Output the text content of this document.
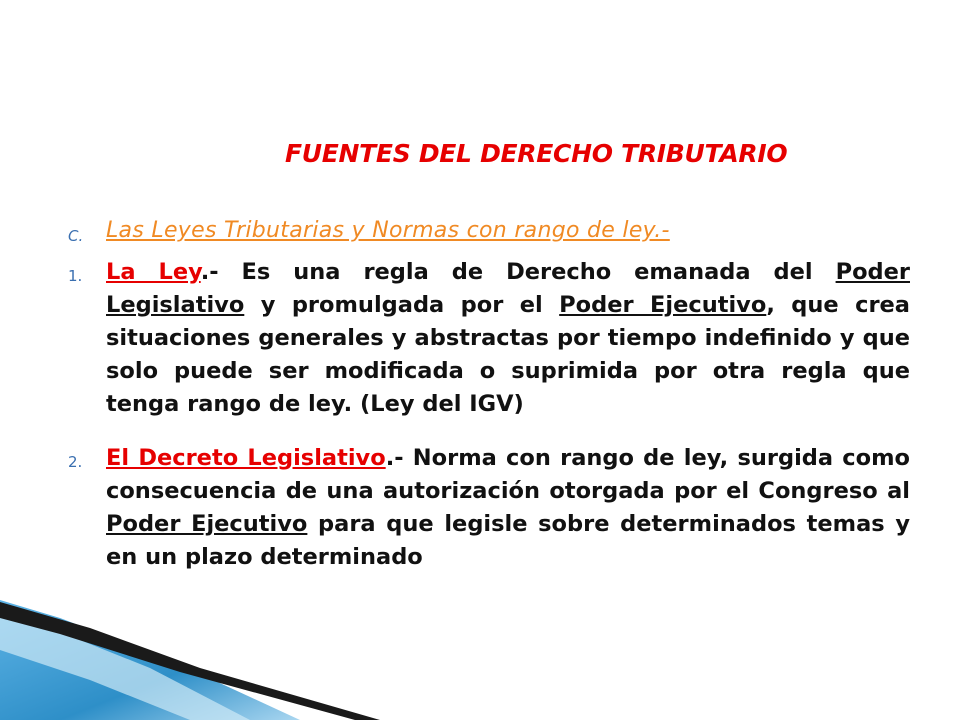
FUENTES DEL DERECHO TRIBUTARIO
C.	Las Leyes Tributarias y Normas con rango de ley.-
1.	La Ley.- Es una regla de Derecho emanada del Poder Legislativo y promulgada por el Poder Ejecutivo, que crea situaciones generales y abstractas por tiempo indefinido y que solo puede ser modificada o suprimida por otra regla que tenga rango de ley. (Ley del IGV)
2.	El Decreto Legislativo.- Norma con rango de ley, surgida como consecuencia de una autorización otorgada por el Congreso al Poder Ejecutivo para que legisle sobre determinados temas y en un plazo determinado
